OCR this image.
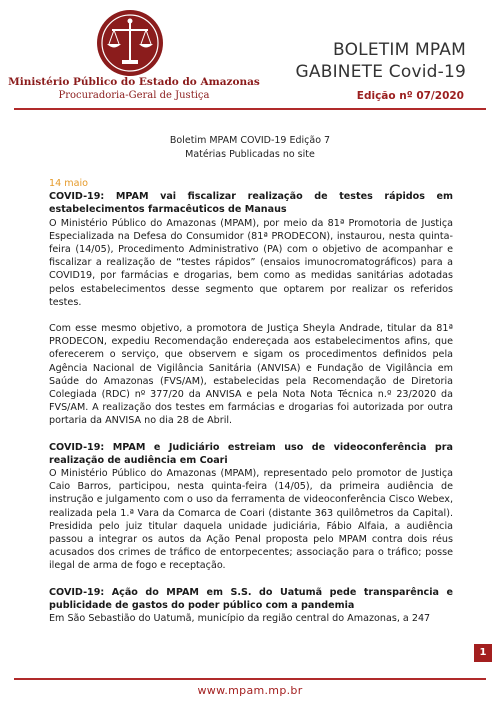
Ministério Público do Estado do Amazonas
Procuradoria-Geral de Justiça
BOLETIM MPAM
GABINETE Covid-19
Edição nº 07/2020
Boletim MPAM COVID-19 Edição 7
Matérias Publicadas no site
14 maio
COVID-19: MPAM vai fiscalizar realização de testes rápidos em estabelecimentos farmacêuticos de Manaus
O Ministério Público do Amazonas (MPAM), por meio da 81ª Promotoria de Justiça Especializada na Defesa do Consumidor (81ª PRODECON), instaurou, nesta quinta-feira (14/05), Procedimento Administrativo (PA) com o objetivo de acompanhar e fiscalizar a realização de “testes rápidos” (ensaios imunocromatográficos) para a COVID19, por farmácias e drogarias, bem como as medidas sanitárias adotadas pelos estabelecimentos desse segmento que optarem por realizar os referidos testes.
Com esse mesmo objetivo, a promotora de Justiça Sheyla Andrade, titular da 81ª PRODECON, expediu Recomendação endereçada aos estabelecimentos afins, que oferecerem o serviço, que observem e sigam os procedimentos definidos pela Agência Nacional de Vigilância Sanitária (ANVISA) e Fundação de Vigilância em Saúde do Amazonas (FVS/AM), estabelecidas pela Recomendação de Diretoria Colegiada (RDC) nº 377/20 da ANVISA e pela Nota Nota Técnica n.º 23/2020 da FVS/AM. A realização dos testes em farmácias e drogarias foi autorizada por outra portaria da ANVISA no dia 28 de Abril.
COVID-19: MPAM e Judiciário estreiam uso de videoconferência pra realização de audiência em Coari
O Ministério Público do Amazonas (MPAM), representado pelo promotor de Justiça Caio Barros, participou, nesta quinta-feira (14/05), da primeira audiência de instrução e julgamento com o uso da ferramenta de videoconferência Cisco Webex, realizada pela 1.ª Vara da Comarca de Coari (distante 363 quilômetros da Capital). Presidida pelo juiz titular daquela unidade judiciária, Fábio Alfaia, a audiência passou a integrar os autos da Ação Penal proposta pelo MPAM contra dois réus acusados dos crimes de tráfico de entorpecentes; associação para o tráfico; posse ilegal de arma de fogo e receptação.
COVID-19: Ação do MPAM em S.S. do Uatumã pede transparência e publicidade de gastos do poder público com a pandemia
Em São Sebastião do Uatumã, município da região central do Amazonas, a 247
1
www.mpam.mp.br
